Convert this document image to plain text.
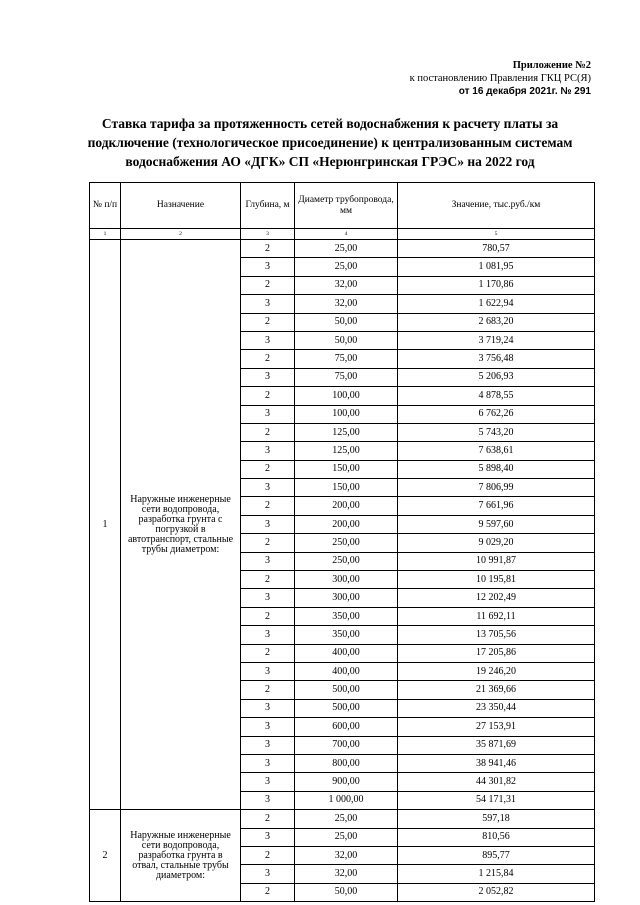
Приложение №2
к постановлению Правления ГКЦ РС(Я)
от 16 декабря 2021г. № 291
Ставка тарифа за протяженность сетей водоснабжения к расчету платы за подключение (технологическое присоединение) к централизованным системам водоснабжения АО «ДГК» СП «Нерюнгринская ГРЭС» на 2022 год
№ п/п	Назначение	Глубина, м	Диаметр трубопровода, мм	Значение, тыс.руб./км
1	2	3	4	5
1	Наружные инженерные сети водопровода, разработка грунта с погрузкой в автотранспорт, стальные трубы диаметром:	2	25,00	780,57
		3	25,00	1 081,95
		2	32,00	1 170,86
		3	32,00	1 622,94
		2	50,00	2 683,20
		3	50,00	3 719,24
		2	75,00	3 756,48
		3	75,00	5 206,93
		2	100,00	4 878,55
		3	100,00	6 762,26
		2	125,00	5 743,20
		3	125,00	7 638,61
		2	150,00	5 898,40
		3	150,00	7 806,99
		2	200,00	7 661,96
		3	200,00	9 597,60
		2	250,00	9 029,20
		3	250,00	10 991,87
		2	300,00	10 195,81
		3	300,00	12 202,49
		2	350,00	11 692,11
		3	350,00	13 705,56
		2	400,00	17 205,86
		3	400,00	19 246,20
		2	500,00	21 369,66
		3	500,00	23 350,44
		3	600,00	27 153,91
		3	700,00	35 871,69
		3	800,00	38 941,46
		3	900,00	44 301,82
		3	1 000,00	54 171,31
2	Наружные инженерные сети водопровода, разработка грунта в отвал, стальные трубы диаметром:	2	25,00	597,18
		3	25,00	810,56
		2	32,00	895,77
		3	32,00	1 215,84
		2	50,00	2 052,82
